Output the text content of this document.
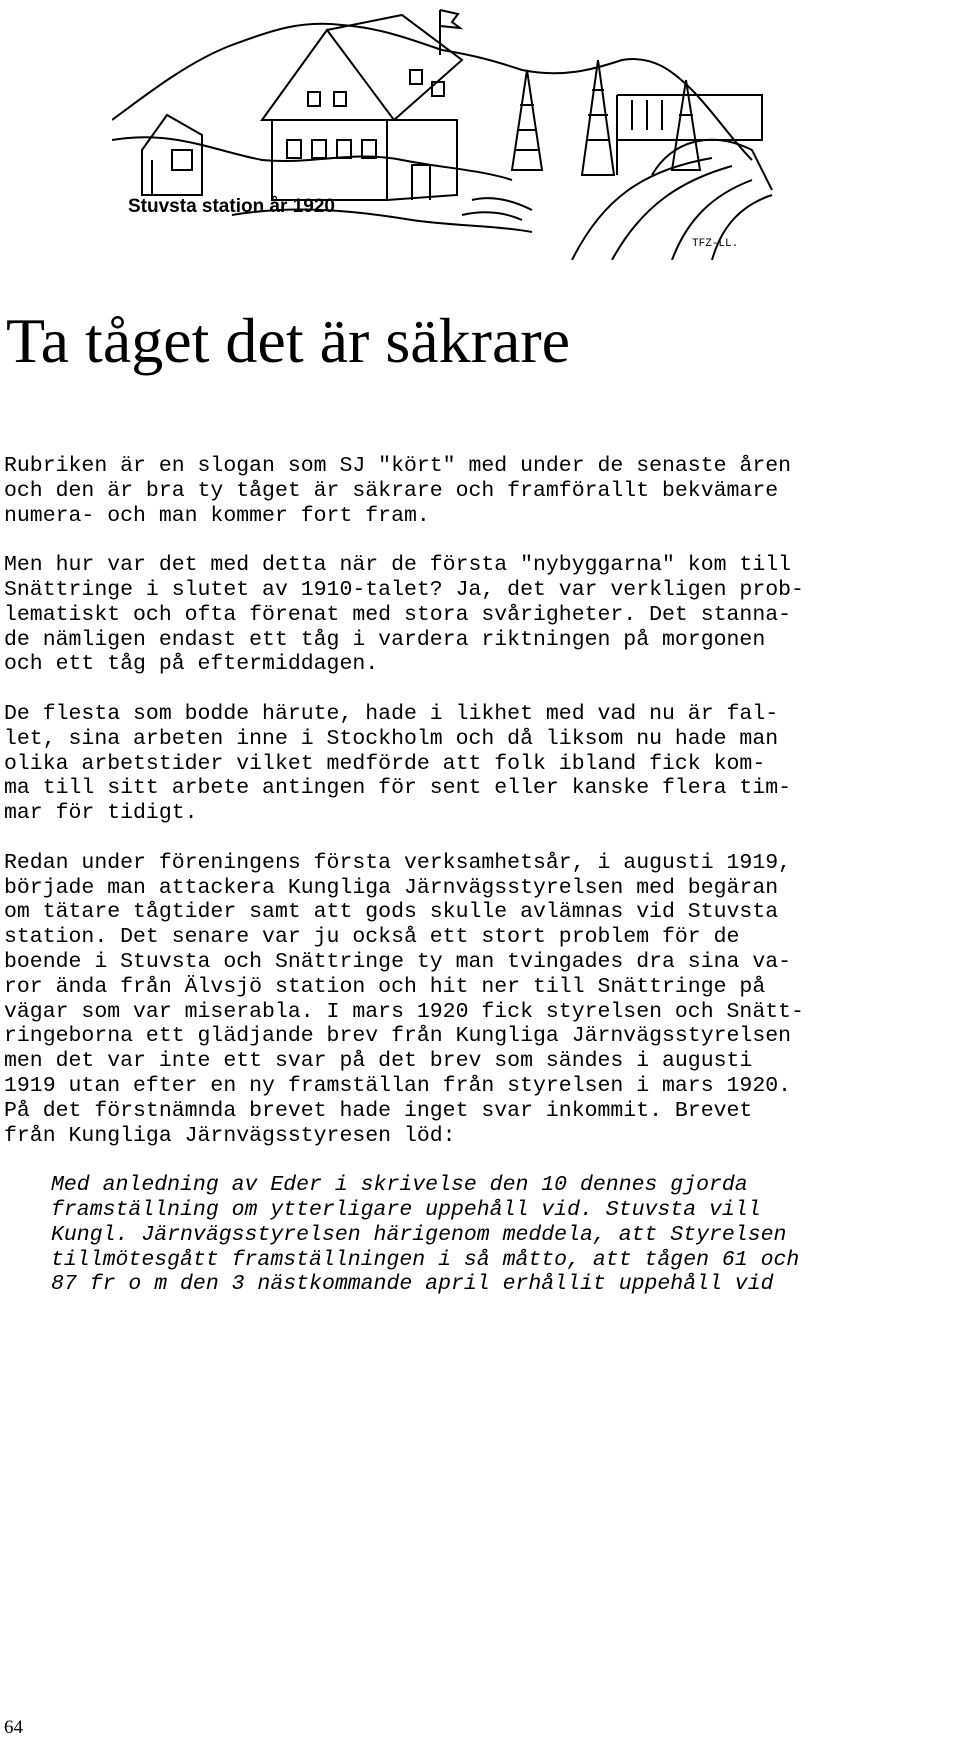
TFZ-LL.

Stuvsta station år 1920

Ta tåget det är säkrare

Rubriken är en slogan som SJ "kört" med under de senaste åren
och den är bra ty tåget är säkrare och framförallt bekvämare
numera- och man kommer fort fram.

Men hur var det med detta när de första "nybyggarna" kom till
Snättringe i slutet av 1910-talet? Ja, det var verkligen prob-
lematiskt och ofta förenat med stora svårigheter. Det stanna-
de nämligen endast ett tåg i vardera riktningen på morgonen
och ett tåg på eftermiddagen.

De flesta som bodde härute, hade i likhet med vad nu är fal-
let, sina arbeten inne i Stockholm och då liksom nu hade man
olika arbetstider vilket medförde att folk ibland fick kom-
ma till sitt arbete antingen för sent eller kanske flera tim-
mar för tidigt.

Redan under föreningens första verksamhetsår, i augusti 1919,
började man attackera Kungliga Järnvägsstyrelsen med begäran
om tätare tågtider samt att gods skulle avlämnas vid Stuvsta
station. Det senare var ju också ett stort problem för de
boende i Stuvsta och Snättringe ty man tvingades dra sina va-
ror ända från Älvsjö station och hit ner till Snättringe på
vägar som var miserabla. I mars 1920 fick styrelsen och Snätt-
ringeborna ett glädjande brev från Kungliga Järnvägsstyrelsen
men det var inte ett svar på det brev som sändes i augusti
1919 utan efter en ny framställan från styrelsen i mars 1920.
På det förstnämnda brevet hade inget svar inkommit. Brevet
från Kungliga Järnvägsstyresen löd:

Med anledning av Eder i skrivelse den 10 dennes gjorda
framställning om ytterligare uppehåll vid. Stuvsta vill
Kungl. Järnvägsstyrelsen härigenom meddela, att Styrelsen
tillmötesgått framställningen i så måtto, att tågen 61 och
87 fr o m den 3 nästkommande april erhållit uppehåll vid

64
